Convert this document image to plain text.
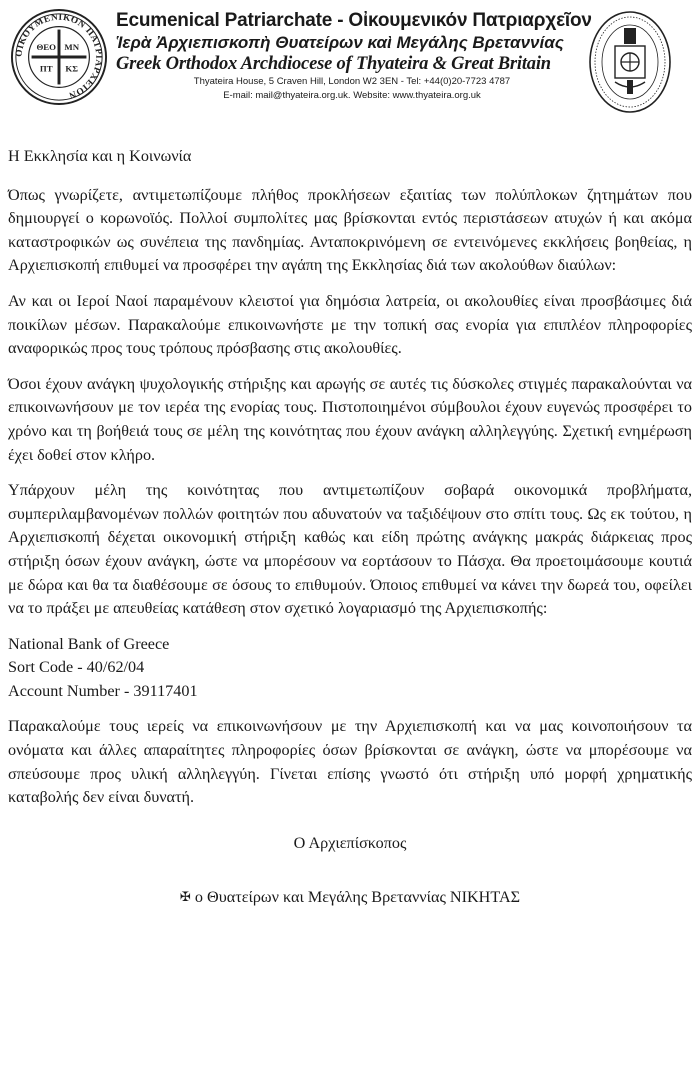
ΟΙΚΟΥΜΕΝΙΚΟΝ ΠΑΤΡΙΑΡΧΕΙΟΝ
ΘΕΟ ΜΝ
ΠΤ ΚΣ
Ecumenical Patriarchate - Οἰκουμενικόν Πατριαρχεῖον
Ἱερὰ Ἀρχιεπισκοπὴ Θυατείρων καὶ Μεγάλης Βρεταννίας
Greek Orthodox Archdiocese of Thyateira & Great Britain
Thyateira House, 5 Craven Hill, London W2 3EN - Tel: +44(0)20-7723 4787
E-mail: mail@thyateira.org.uk. Website: www.thyateira.org.uk
Η Εκκλησία και η Κοινωνία

Όπως γνωρίζετε, αντιμετωπίζουμε πλήθος προκλήσεων εξαιτίας των πολύπλοκων ζητημάτων που δημιουργεί ο κορωνοϊός. Πολλοί συμπολίτες μας βρίσκονται εντός περιστάσεων ατυχών ή και ακόμα καταστροφικών ως συνέπεια της πανδημίας. Ανταποκρινόμενη σε εντεινόμενες εκκλήσεις βοηθείας, η Αρχιεπισκοπή επιθυμεί να προσφέρει την αγάπη της Εκκλησίας διά των ακολούθων διαύλων:

Αν και οι Ιεροί Ναοί παραμένουν κλειστοί για δημόσια λατρεία, οι ακολουθίες είναι προσβάσιμες διά ποικίλων μέσων. Παρακαλούμε επικοινωνήστε με την τοπική σας ενορία για επιπλέον πληροφορίες αναφορικώς προς τους τρόπους πρόσβασης στις ακολουθίες.

Όσοι έχουν ανάγκη ψυχολογικής στήριξης και αρωγής σε αυτές τις δύσκολες στιγμές παρακαλούνται να επικοινωνήσουν με τον ιερέα της ενορίας τους. Πιστοποιημένοι σύμβουλοι έχουν ευγενώς προσφέρει το χρόνο και τη βοήθειά τους σε μέλη της κοινότητας που έχουν ανάγκη αλληλεγγύης. Σχετική ενημέρωση έχει δοθεί στον κλήρο.

Υπάρχουν μέλη της κοινότητας που αντιμετωπίζουν σοβαρά οικονομικά προβλήματα, συμπεριλαμβανομένων πολλών φοιτητών που αδυνατούν να ταξιδέψουν στο σπίτι τους. Ως εκ τούτου, η Αρχιεπισκοπή δέχεται οικονομική στήριξη καθώς και είδη πρώτης ανάγκης μακράς διάρκειας προς στήριξη όσων έχουν ανάγκη, ώστε να μπορέσουν να εορτάσουν το Πάσχα. Θα προετοιμάσουμε κουτιά με δώρα και θα τα διαθέσουμε σε όσους το επιθυμούν. Όποιος επιθυμεί να κάνει την δωρεά του, οφείλει να το πράξει με απευθείας κατάθεση στον σχετικό λογαριασμό της Αρχιεπισκοπής:

National Bank of Greece
Sort Code - 40/62/04
Account Number - 39117401

Παρακαλούμε τους ιερείς να επικοινωνήσουν με την Αρχιεπισκοπή και να μας κοινοποιήσουν τα ονόματα και άλλες απαραίτητες πληροφορίες όσων βρίσκονται σε ανάγκη, ώστε να μπορέσουμε να σπεύσουμε προς υλική αλληλεγγύη. Γίνεται επίσης γνωστό ότι στήριξη υπό μορφή χρηματικής καταβολής δεν είναι δυνατή.

Ο Αρχιεπίσκοπος
✠ ο Θυατείρων και Μεγάλης Βρεταννίας ΝΙΚΗΤΑΣ
